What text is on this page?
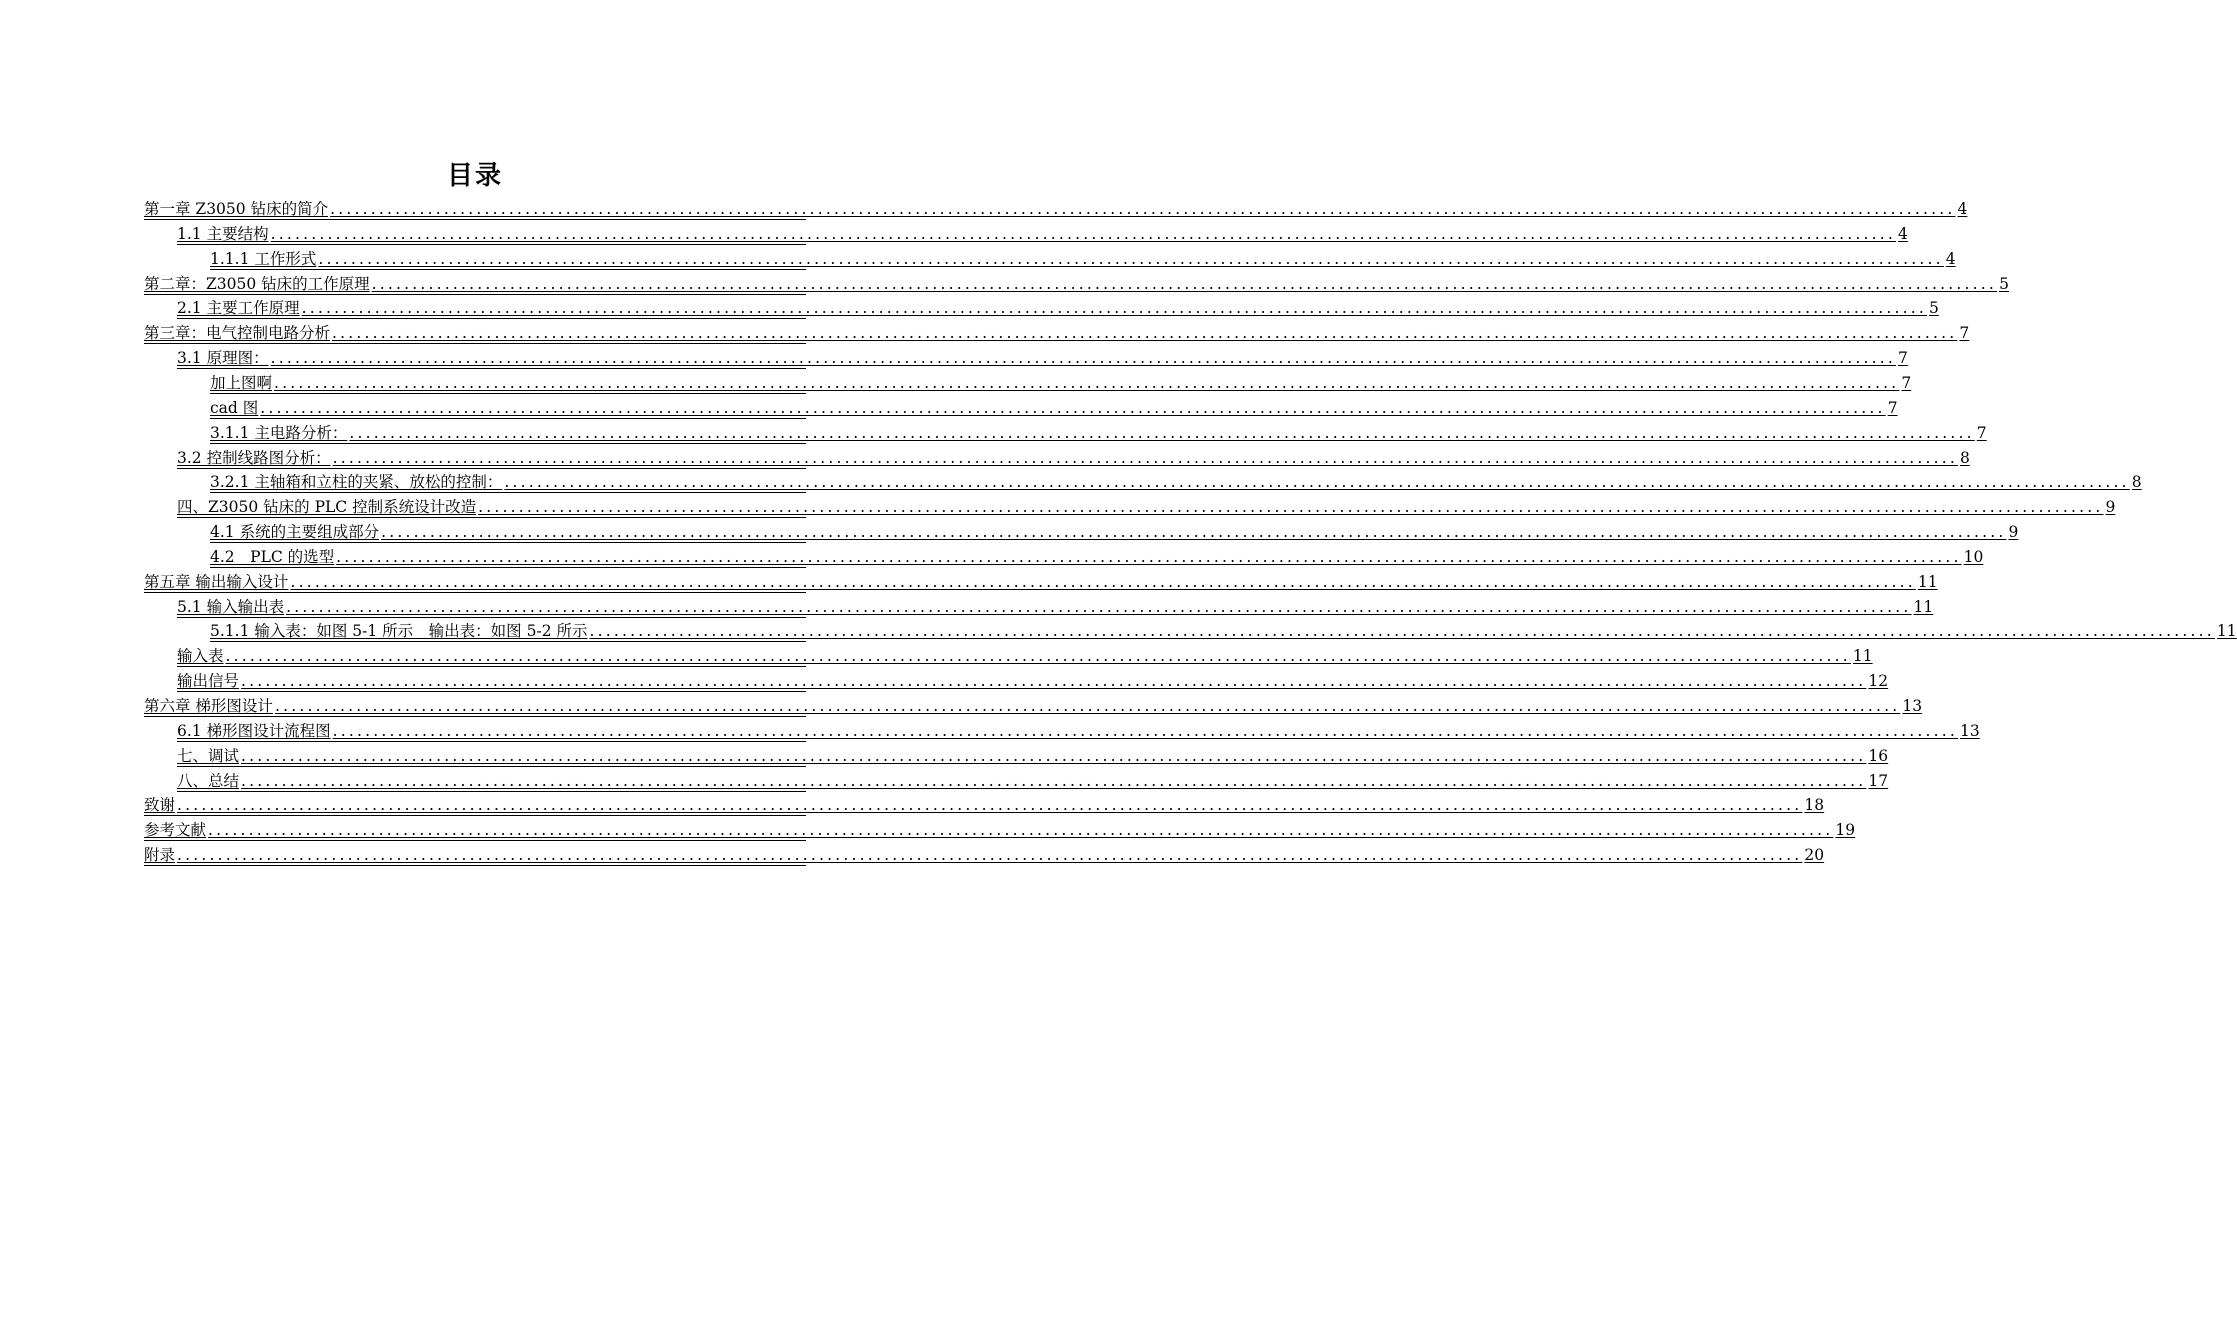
目录
第一章 Z3050 钻床的简介 ........................................................................................................................................................................................................ 4
1.1 主要结构 ........................................................................................................................................................................................................ 4
1.1.1 工作形式 ........................................................................................................................................................................................................ 4
第二章：Z3050 钻床的工作原理 ........................................................................................................................................................................................................ 5
2.1 主要工作原理 ........................................................................................................................................................................................................ 5
第三章：电气控制电路分析 ........................................................................................................................................................................................................ 7
3.1 原理图： ........................................................................................................................................................................................................ 7
加上图啊 ........................................................................................................................................................................................................ 7
cad 图 ........................................................................................................................................................................................................ 7
3.1.1 主电路分析： ........................................................................................................................................................................................................ 7
3.2 控制线路图分析： ........................................................................................................................................................................................................ 8
3.2.1 主轴箱和立柱的夹紧、放松的控制： ........................................................................................................................................................................................................ 8
四、Z3050 钻床的 PLC 控制系统设计改造 ........................................................................................................................................................................................................ 9
4.1 系统的主要组成部分 ........................................................................................................................................................................................................ 9
4.2　PLC 的选型 ........................................................................................................................................................................................................ 10
第五章 输出输入设计 ........................................................................................................................................................................................................ 11
5.1 输入输出表 ........................................................................................................................................................................................................ 11
5.1.1 输入表：如图 5-1 所示　输出表：如图 5-2 所示 ........................................................................................................................................................................................................ 11
输入表 ........................................................................................................................................................................................................ 11
输出信号 ........................................................................................................................................................................................................ 12
第六章 梯形图设计 ........................................................................................................................................................................................................ 13
6.1 梯形图设计流程图 ........................................................................................................................................................................................................ 13
七、调试 ........................................................................................................................................................................................................ 16
八、总结 ........................................................................................................................................................................................................ 17
致谢 ........................................................................................................................................................................................................ 18
参考文献 ........................................................................................................................................................................................................ 19
附录 ........................................................................................................................................................................................................ 20
